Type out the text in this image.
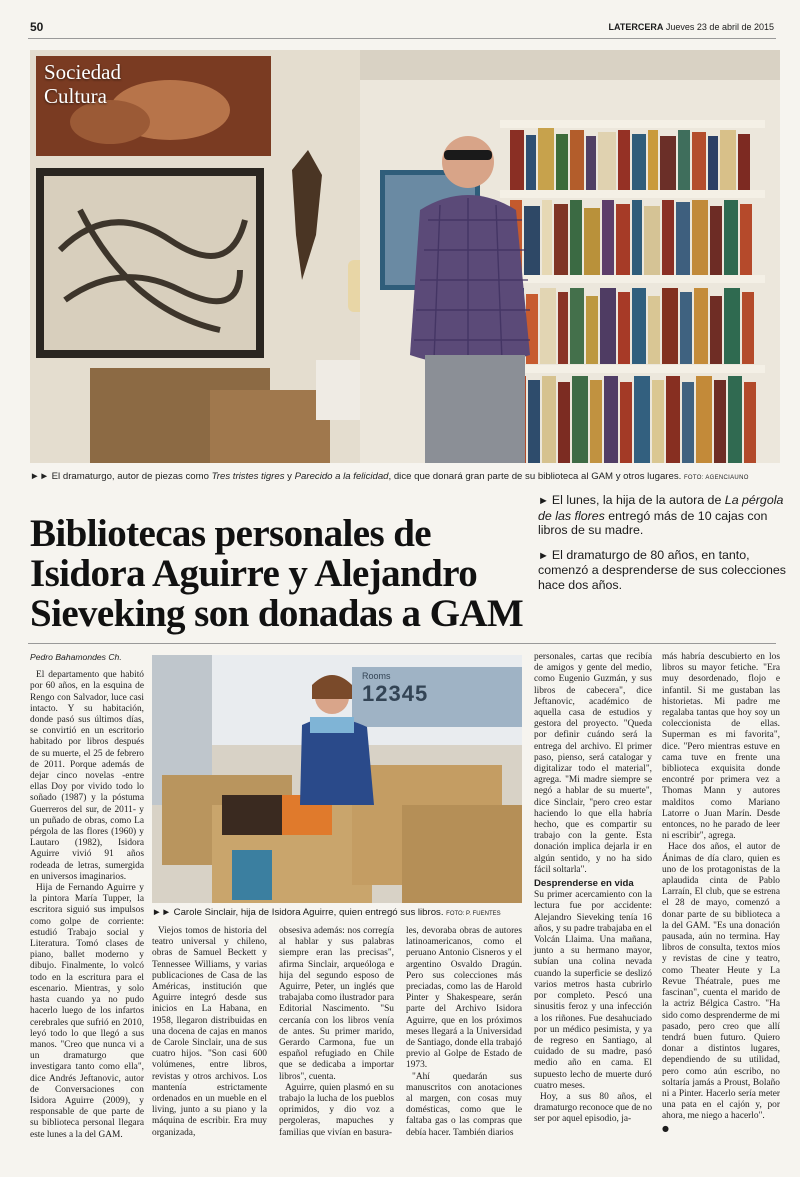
50	LATERCERA Jueves 23 de abril de 2015
Sociedad
Cultura
►► El dramaturgo, autor de piezas como Tres tristes tigres y Parecido a la felicidad, dice que donará gran parte de su biblioteca al GAM y otros lugares. FOTO: AGENCIAUNO
Bibliotecas personales de Isidora Aguirre y Alejandro Sieveking son donadas a GAM
► El lunes, la hija de la autora de La pérgola de las flores entregó más de 10 cajas con libros de su madre.
► El dramaturgo de 80 años, en tanto, comenzó a desprenderse de sus colecciones hace dos años.

Pedro Bahamondes Ch.

El departamento que habitó por 60 años, en la esquina de Rengo con Salvador, luce casi intacto. Y su habitación, donde pasó sus últimos días, se convirtió en un escritorio habitado por libros después de su muerte, el 25 de febrero de 2011. Porque además de dejar cinco novelas -entre ellas Doy por vivido todo lo soñado (1987) y la póstuma Guerreros del sur, de 2011- y un puñado de obras, como La pérgola de las flores (1960) y Lautaro (1982), Isidora Aguirre vivió 91 años rodeada de letras, sumergida en universos imaginarios.

Hija de Fernando Aguirre y la pintora María Tupper, la escritora siguió sus impulsos como golpe de corriente: estudió Trabajo social y Literatura. Tomó clases de piano, ballet moderno y dibujo. Finalmente, lo volcó todo en la escritura para el escenario. Mientras, y solo hasta cuando ya no pudo hacerlo luego de los infartos cerebrales que sufrió en 2010, leyó todo lo que llegó a sus manos. "Creo que nunca vi a un dramaturgo que investigara tanto como ella", dice Andrés Jeftanovic, autor de Conversaciones con Isidora Aguirre (2009), y responsable de que parte de su biblioteca personal llegara este lunes a la del GAM.

Rooms
12345
►► Carole Sinclair, hija de Isidora Aguirre, quien entregó sus libros. FOTO: P. FUENTES

Viejos tomos de historia del teatro universal y chileno, obras de Samuel Beckett y Tennessee Williams, y varias publicaciones de Casa de las Américas, institución que Aguirre integró desde sus inicios en La Habana, en 1958, llegaron distribuidas en una docena de cajas en manos de Carole Sinclair, una de sus cuatro hijos. "Son casi 600 volúmenes, entre libros, revistas y otros archivos. Los mantenía estrictamente ordenados en un mueble en el living, junto a su piano y la máquina de escribir. Era muy organizada,

obsesiva además: nos corregía al hablar y sus palabras siempre eran las precisas", afirma Sinclair, arqueóloga e hija del segundo esposo de Aguirre, Peter, un inglés que trabajaba como ilustrador para Editorial Nascimento. "Su cercanía con los libros venía de antes. Su primer marido, Gerardo Carmona, fue un español refugiado en Chile que se dedicaba a importar libros", cuenta.

Aguirre, quien plasmó en su trabajo la lucha de los pueblos oprimidos, y dio voz a pergoleras, mapuches y familias que vivían en basura-

les, devoraba obras de autores latinoamericanos, como el peruano Antonio Cisneros y el argentino Osvaldo Dragún. Pero sus colecciones más preciadas, como las de Harold Pinter y Shakespeare, serán parte del Archivo Isidora Aguirre, que en los próximos meses llegará a la Universidad de Santiago, donde ella trabajó previo al Golpe de Estado de 1973.

"Ahí quedarán sus manuscritos con anotaciones al margen, con cosas muy domésticas, como que le faltaba gas o las compras que debía hacer. También diarios

personales, cartas que recibía de amigos y gente del medio, como Eugenio Guzmán, y sus libros de cabecera", dice Jeftanovic, académico de aquella casa de estudios y gestora del proyecto. "Queda por definir cuándo será la entrega del archivo. El primer paso, pienso, será catalogar y digitalizar todo el material", agrega. "Mi madre siempre se negó a hablar de su muerte", dice Sinclair, "pero creo estar haciendo lo que ella habría hecho, que es compartir su trabajo con la gente. Esta donación implica dejarla ir en algún sentido, y no ha sido fácil soltarla".

Desprenderse en vida

Su primer acercamiento con la lectura fue por accidente: Alejandro Sieveking tenía 16 años, y su padre trabajaba en el Volcán Llaima. Una mañana, junto a su hermano mayor, subían una colina nevada cuando la superficie se deslizó varios metros hasta cubrirlo por completo. Pescó una sinusitis feroz y una infección a los riñones. Fue desahuciado por un médico pesimista, y ya de regreso en Santiago, al cuidado de su madre, pasó medio año en cama. El supuesto lecho de muerte duró cuatro meses.

Hoy, a sus 80 años, el dramaturgo reconoce que de no ser por aquel episodio, ja-

más habría descubierto en los libros su mayor fetiche. "Era muy desordenado, flojo e infantil. Si me gustaban las historietas. Mi padre me regalaba tantas que hoy soy un coleccionista de ellas. Superman es mi favorita", dice. "Pero mientras estuve en cama tuve en frente una biblioteca exquisita donde encontré por primera vez a Thomas Mann y autores malditos como Mariano Latorre o Juan Marín. Desde entonces, no he parado de leer ni escribir", agrega.

Hace dos años, el autor de Ánimas de día claro, quien es uno de los protagonistas de la aplaudida cinta de Pablo Larraín, El club, que se estrena el 28 de mayo, comenzó a donar parte de su biblioteca a la del GAM. "Es una donación pausada, aún no termina. Hay libros de consulta, textos míos y revistas de cine y teatro, como Theater Heute y La Revue Théatrale, pues me fascinan", cuenta el marido de la actriz Bélgica Castro. "Ha sido como desprenderme de mi pasado, pero creo que allí tendrá buen futuro. Quiero donar a distintos lugares, dependiendo de su utilidad, pero como aún escribo, no soltaría jamás a Proust, Bolaño ni a Pinter. Hacerlo sería meter una pata en el cajón y, por ahora, me niego a hacerlo".

●
